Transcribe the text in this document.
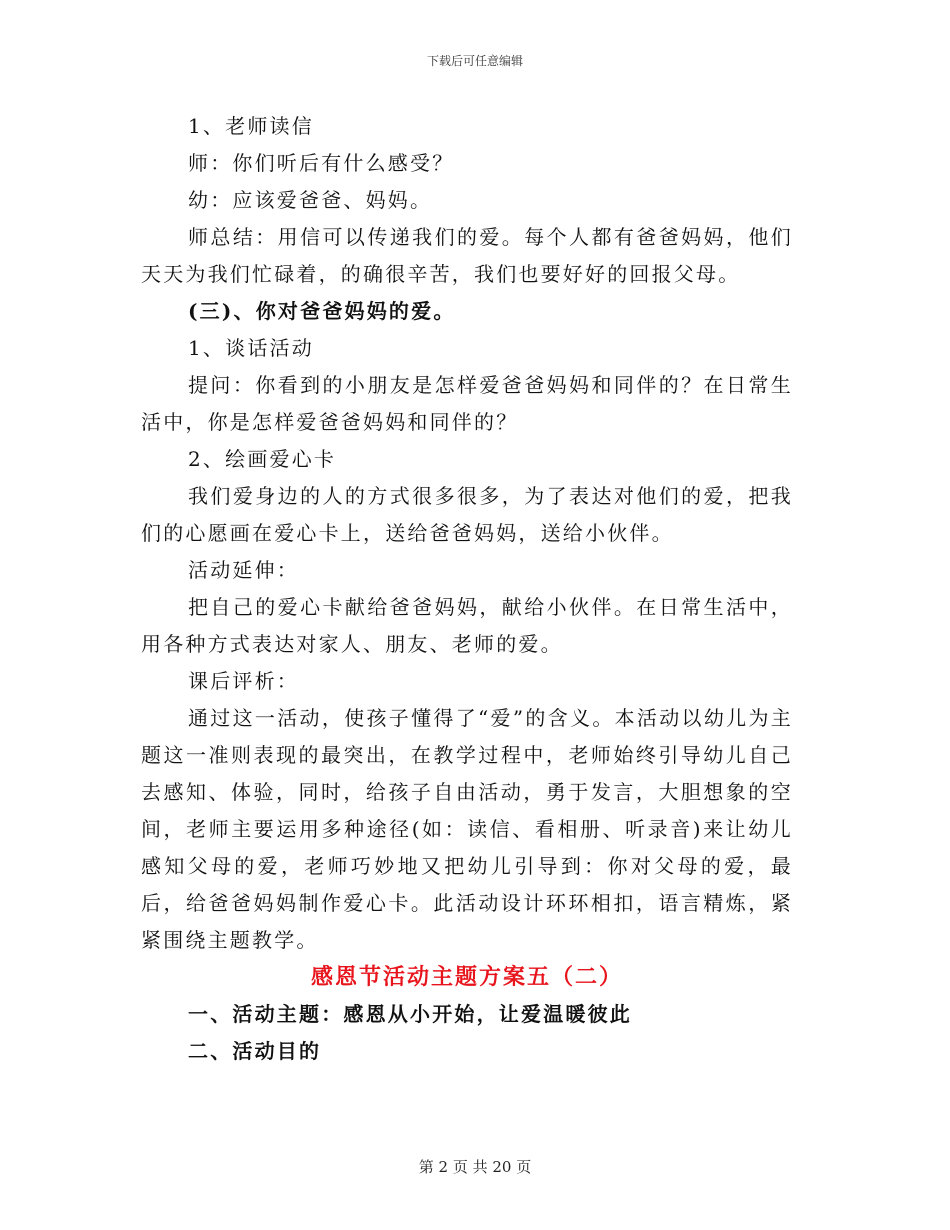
下载后可任意编辑

1、老师读信

师：你们听后有什么感受？

幼：应该爱爸爸、妈妈。

师总结：用信可以传递我们的爱。每个人都有爸爸妈妈，他们天天为我们忙碌着，的确很辛苦，我们也要好好的回报父母。

(三)、你对爸爸妈妈的爱。

1、谈话活动

提问：你看到的小朋友是怎样爱爸爸妈妈和同伴的？在日常生活中，你是怎样爱爸爸妈妈和同伴的？

2、绘画爱心卡

我们爱身边的人的方式很多很多，为了表达对他们的爱，把我们的心愿画在爱心卡上，送给爸爸妈妈，送给小伙伴。

活动延伸：

把自己的爱心卡献给爸爸妈妈，献给小伙伴。在日常生活中，用各种方式表达对家人、朋友、老师的爱。

课后评析：

通过这一活动，使孩子懂得了“爱”的含义。本活动以幼儿为主题这一准则表现的最突出，在教学过程中，老师始终引导幼儿自己去感知、体验，同时，给孩子自由活动，勇于发言，大胆想象的空间，老师主要运用多种途径(如：读信、看相册、听录音)来让幼儿感知父母的爱，老师巧妙地又把幼儿引导到：你对父母的爱，最后，给爸爸妈妈制作爱心卡。此活动设计环环相扣，语言精炼，紧紧围绕主题教学。

感恩节活动主题方案五（二）

一、活动主题：感恩从小开始，让爱温暖彼此

二、活动目的

第 2 页 共 20 页
